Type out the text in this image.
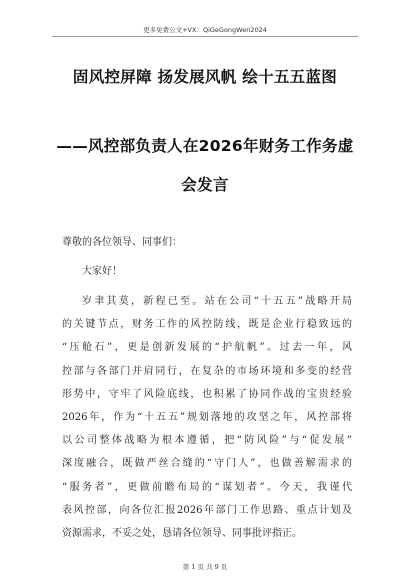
更多免费公文+VX：QiGeGongWen2024
固风控屏障 扬发展风帆 绘十五五蓝图
——风控部负责人在2026年财务工作务虚
会发言
尊敬的各位领导、同事们：
大家好！
岁聿其莫，新程已至。站在公司“十五五”战略开局
的关键节点，财务工作的风控防线，既是企业行稳致远的
“压舱石”，更是创新发展的“护航帆”。过去一年，风
控部与各部门并肩同行，在复杂的市场环境和多变的经营
形势中，守牢了风险底线，也积累了协同作战的宝贵经验
2026年，作为“十五五”规划落地的攻坚之年，风控部将
以公司整体战略为根本遵循，把“防风险”与“促发展”
深度融合，既做严丝合缝的“守门人”，也做善解需求的
“服务者”，更做前瞻布局的“谋划者”。今天，我谨代
表风控部，向各位汇报2026年部门工作思路、重点计划及
资源需求，不妥之处，恳请各位领导、同事批评指正。
第 1 页 共 9 页
